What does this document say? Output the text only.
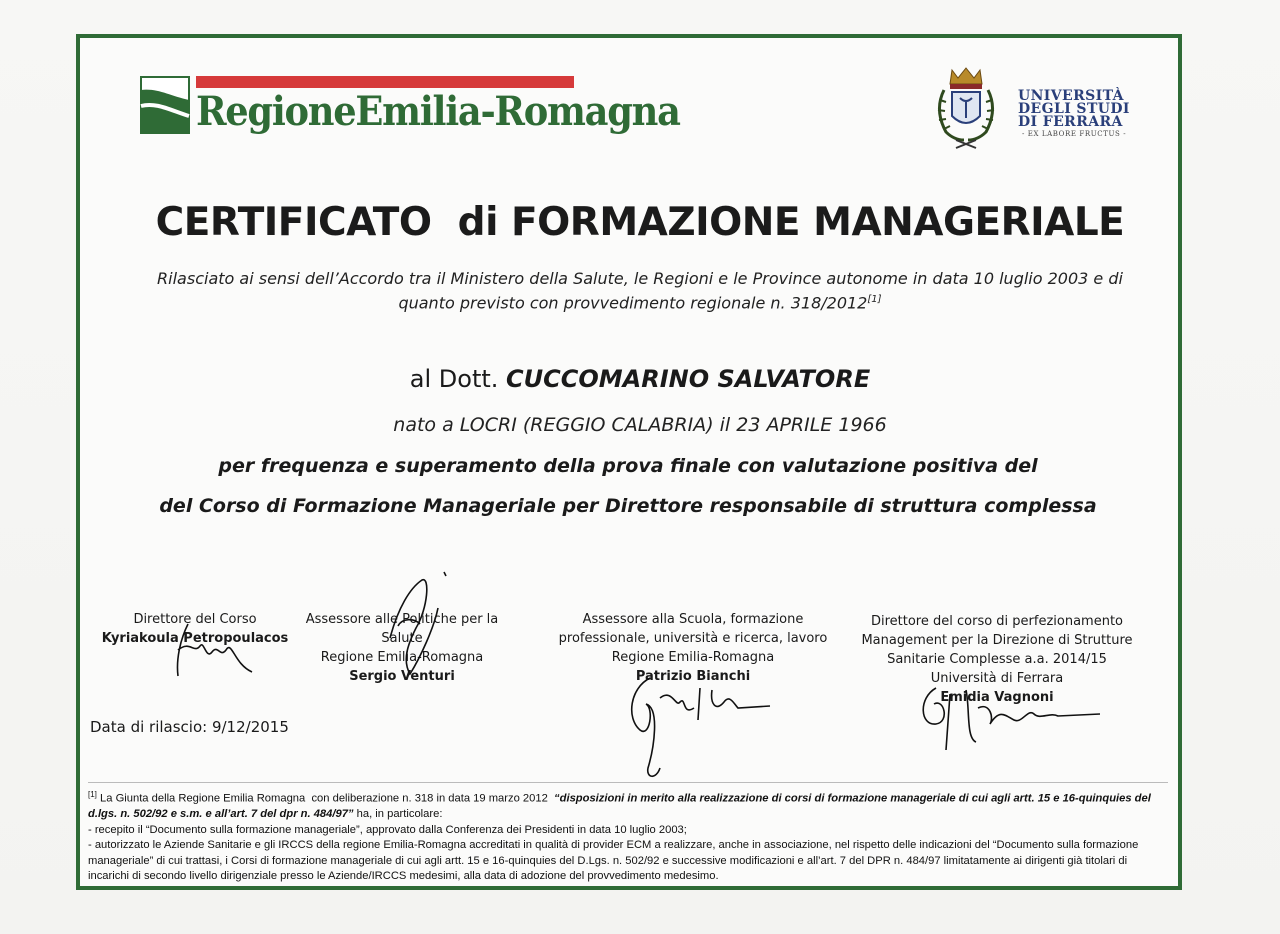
RegioneEmilia-Romagna	UNIVERSITÀ
DEGLI STUDI
DI FERRARA
- EX LABORE FRUCTUS -
CERTIFICATO  di FORMAZIONE MANAGERIALE
Rilasciato ai sensi dell’Accordo tra il Ministero della Salute, le Regioni e le Province autonome in data 10 luglio 2003 e di
quanto previsto con provvedimento regionale n. 318/2012[1]
al Dott. CUCCOMARINO SALVATORE
nato a LOCRI (REGGIO CALABRIA) il 23 APRILE 1966
per frequenza e superamento della prova finale con valutazione positiva del
del Corso di Formazione Manageriale per Direttore responsabile di struttura complessa
Direttore del Corso
Kyriakoula Petropoulacos
Assessore alle Politiche per la Salute
Regione Emilia-Romagna
Sergio Venturi
Assessore alla Scuola, formazione
professionale, università e ricerca, lavoro
Regione Emilia-Romagna
Patrizio Bianchi
Direttore del corso di perfezionamento
Management per la Direzione di Strutture
Sanitarie Complesse a.a. 2014/15
Università di Ferrara
Emidia Vagnoni
Data di rilascio: 9/12/2015
[1] La Giunta della Regione Emilia Romagna  con deliberazione n. 318 in data 19 marzo 2012  “disposizioni in merito alla realizzazione di corsi di formazione manageriale di cui agli artt. 15 e 16-quinquies del d.lgs. n. 502/92 e s.m. e all’art. 7 del dpr n. 484/97” ha, in particolare:
- recepito il “Documento sulla formazione manageriale”, approvato dalla Conferenza dei Presidenti in data 10 luglio 2003;
- autorizzato le Aziende Sanitarie e gli IRCCS della regione Emilia-Romagna accreditati in qualità di provider ECM a realizzare, anche in associazione, nel rispetto delle indicazioni del “Documento sulla formazione manageriale” di cui trattasi, i Corsi di formazione manageriale di cui agli artt. 15 e 16-quinquies del D.Lgs. n. 502/92 e successive modificazioni e all’art. 7 del DPR n. 484/97 limitatamente ai dirigenti già titolari di incarichi di secondo livello dirigenziale presso le Aziende/IRCCS medesimi, alla data di adozione del provvedimento medesimo.
